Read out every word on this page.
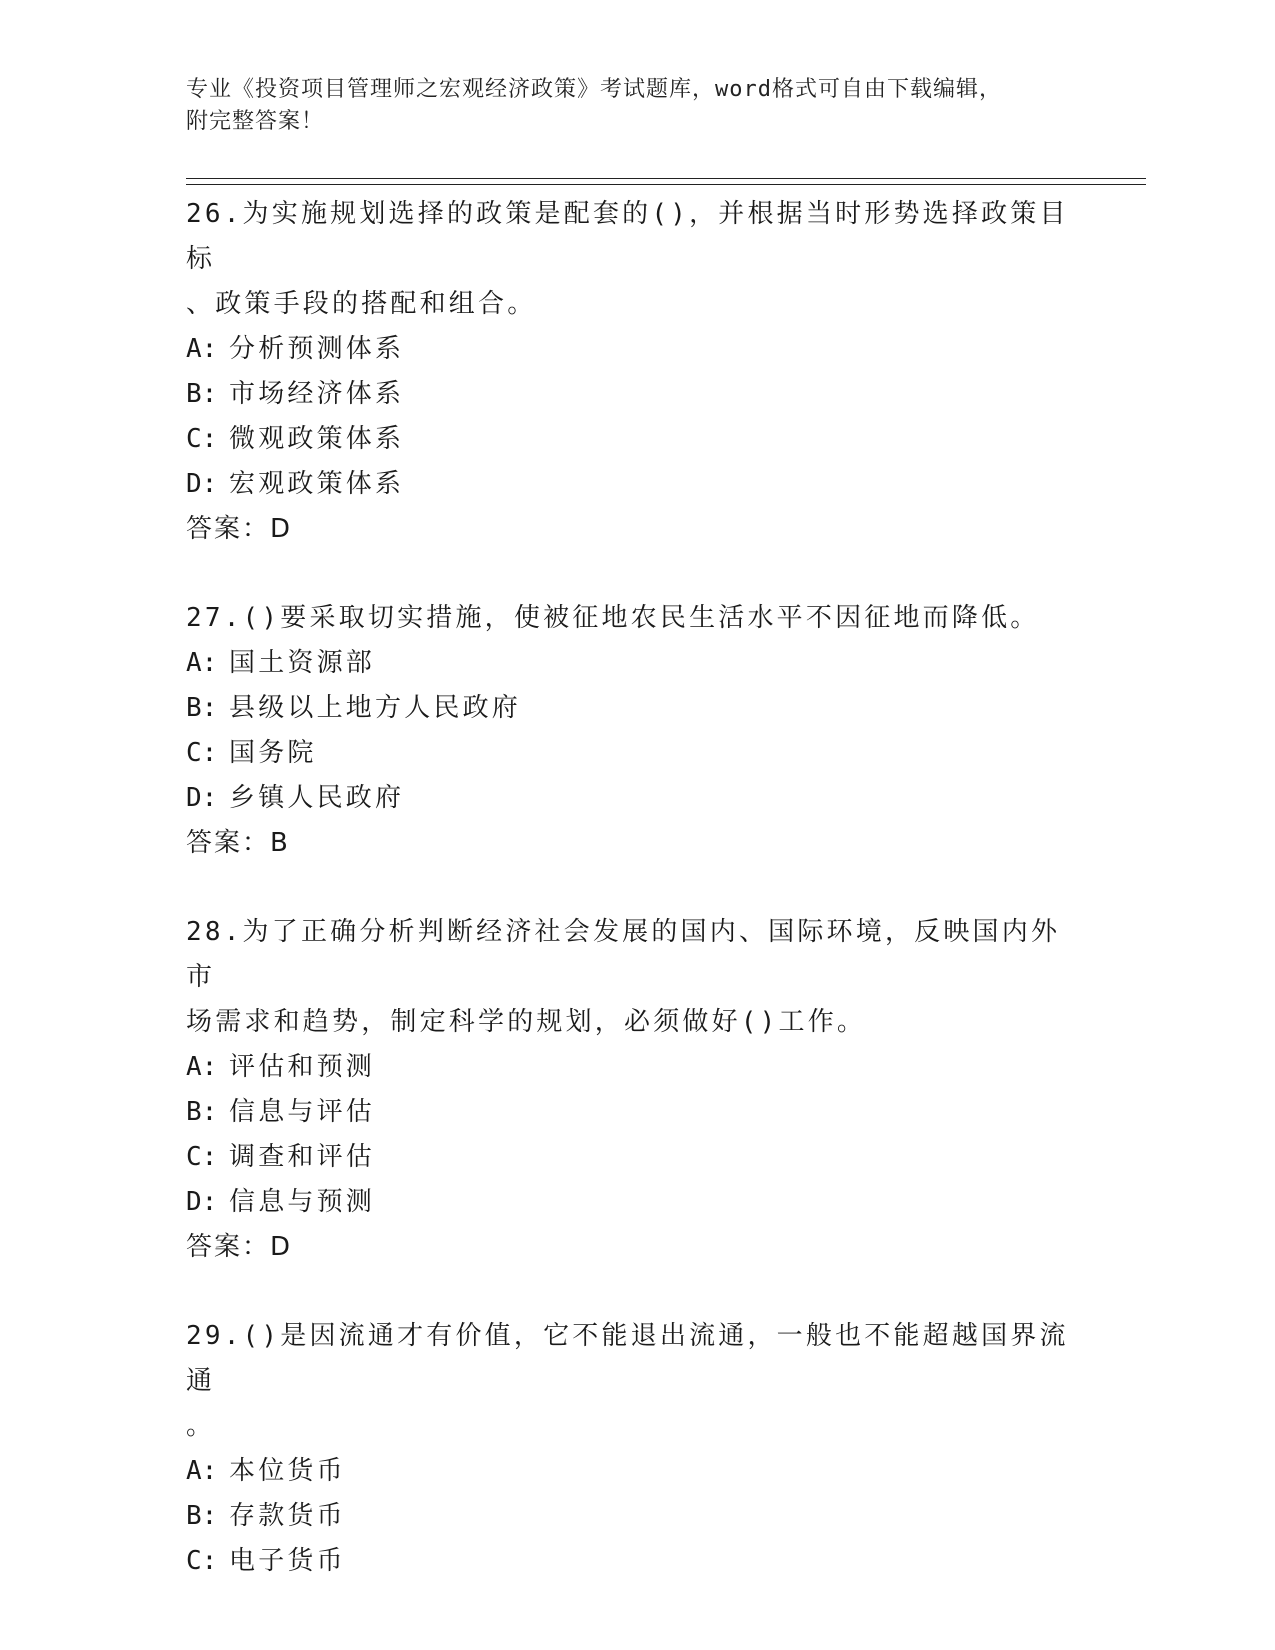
专业《投资项目管理师之宏观经济政策》考试题库，word格式可自由下载编辑，
附完整答案！

26.为实施规划选择的政策是配套的()，并根据当时形势选择政策目标

、政策手段的搭配和组合。

A: 分析预测体系

B: 市场经济体系

C: 微观政策体系

D: 宏观政策体系

答案：D

27.()要采取切实措施，使被征地农民生活水平不因征地而降低。

A: 国土资源部

B: 县级以上地方人民政府

C: 国务院

D: 乡镇人民政府

答案：B

28.为了正确分析判断经济社会发展的国内、国际环境，反映国内外市

场需求和趋势，制定科学的规划，必须做好()工作。

A: 评估和预测

B: 信息与评估

C: 调查和评估

D: 信息与预测

答案：D

29.()是因流通才有价值，它不能退出流通，一般也不能超越国界流通

。

A: 本位货币

B: 存款货币

C: 电子货币
